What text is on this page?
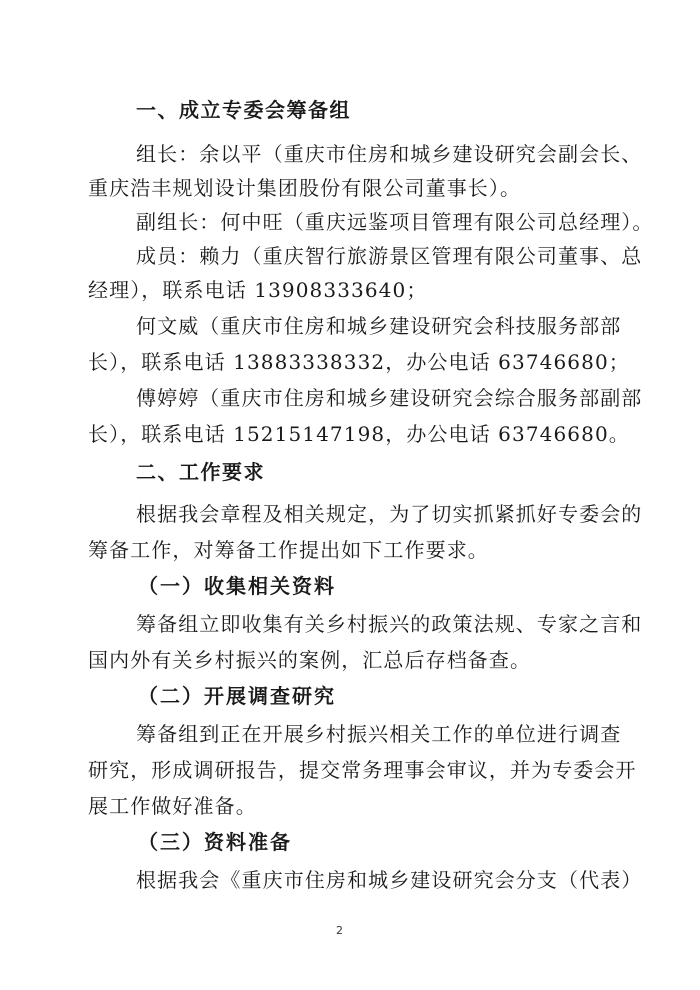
一、成立专委会筹备组
组长：余以平（重庆市住房和城乡建设研究会副会长、
重庆浩丰规划设计集团股份有限公司董事长）。
副组长：何中旺（重庆远鉴项目管理有限公司总经理）。
成员：赖力（重庆智行旅游景区管理有限公司董事、总
经理），联系电话 13908333640；
何文威（重庆市住房和城乡建设研究会科技服务部部
长），联系电话 13883338332，办公电话 63746680；
傅婷婷（重庆市住房和城乡建设研究会综合服务部副部
长），联系电话 15215147198，办公电话 63746680。
二、工作要求
根据我会章程及相关规定，为了切实抓紧抓好专委会的
筹备工作，对筹备工作提出如下工作要求。
（一）收集相关资料
筹备组立即收集有关乡村振兴的政策法规、专家之言和
国内外有关乡村振兴的案例，汇总后存档备查。
（二）开展调查研究
筹备组到正在开展乡村振兴相关工作的单位进行调查
研究，形成调研报告，提交常务理事会审议，并为专委会开
展工作做好准备。
（三）资料准备
根据我会《重庆市住房和城乡建设研究会分支（代表）
2
